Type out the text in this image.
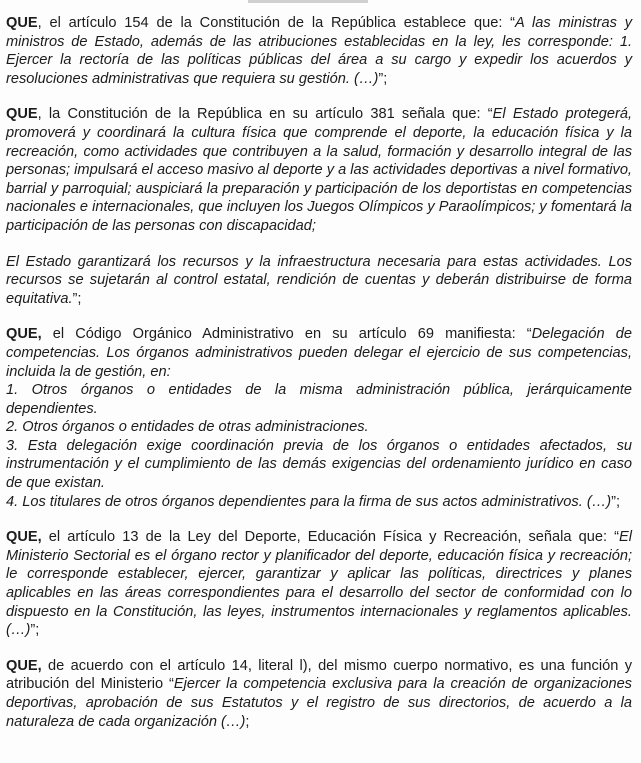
QUE, el artículo 154 de la Constitución de la República establece que: “A las ministras y ministros de Estado, además de las atribuciones establecidas en la ley, les corresponde: 1. Ejercer la rectoría de las políticas públicas del área a su cargo y expedir los acuerdos y resoluciones administrativas que requiera su gestión. (…)”;

QUE, la Constitución de la República en su artículo 381 señala que: “El Estado protegerá, promoverá y coordinará la cultura física que comprende el deporte, la educación física y la recreación, como actividades que contribuyen a la salud, formación y desarrollo integral de las personas; impulsará el acceso masivo al deporte y a las actividades deportivas a nivel formativo, barrial y parroquial; auspiciará la preparación y participación de los deportistas en competencias nacionales e internacionales, que incluyen los Juegos Olímpicos y Paraolímpicos; y fomentará la participación de las personas con discapacidad;

El Estado garantizará los recursos y la infraestructura necesaria para estas actividades. Los recursos se sujetarán al control estatal, rendición de cuentas y deberán distribuirse de forma equitativa.”;

QUE, el Código Orgánico Administrativo en su artículo 69 manifiesta: “Delegación de competencias. Los órganos administrativos pueden delegar el ejercicio de sus competencias, incluida la de gestión, en:

1. Otros órganos o entidades de la misma administración pública, jerárquicamente dependientes.

2. Otros órganos o entidades de otras administraciones.

3. Esta delegación exige coordinación previa de los órganos o entidades afectados, su instrumentación y el cumplimiento de las demás exigencias del ordenamiento jurídico en caso de que existan.

4. Los titulares de otros órganos dependientes para la firma de sus actos administrativos. (…)”;

QUE, el artículo 13 de la Ley del Deporte, Educación Física y Recreación, señala que: “El Ministerio Sectorial es el órgano rector y planificador del deporte, educación física y recreación; le corresponde establecer, ejercer, garantizar y aplicar las políticas, directrices y planes aplicables en las áreas correspondientes para el desarrollo del sector de conformidad con lo dispuesto en la Constitución, las leyes, instrumentos internacionales y reglamentos aplicables. (…)”;

QUE, de acuerdo con el artículo 14, literal l), del mismo cuerpo normativo, es una función y atribución del Ministerio “Ejercer la competencia exclusiva para la creación de organizaciones deportivas, aprobación de sus Estatutos y el registro de sus directorios, de acuerdo a la naturaleza de cada organización (…);
